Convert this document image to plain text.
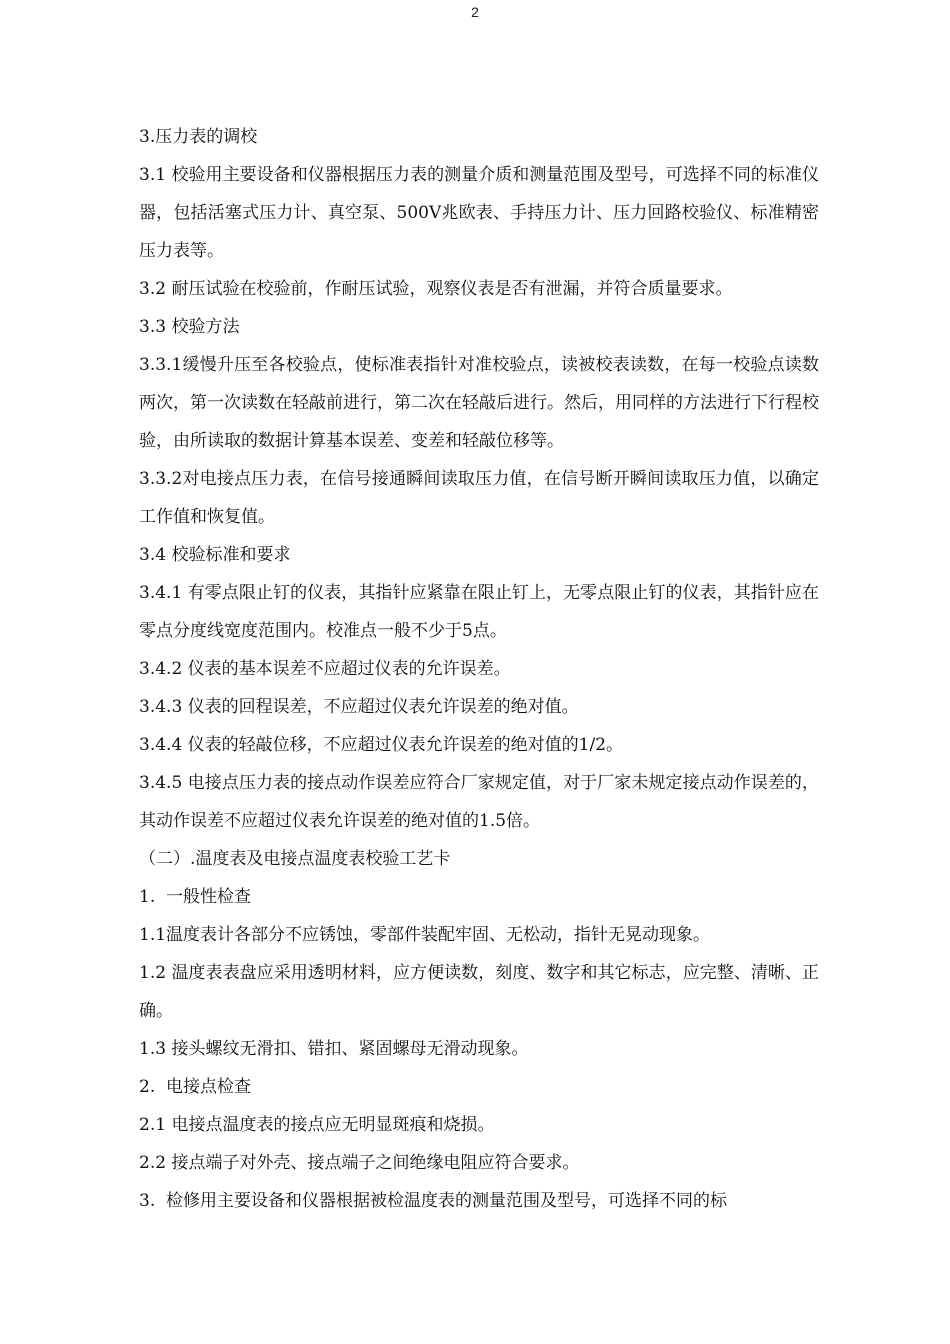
2

3.压力表的调校

3.1 校验用主要设备和仪器根据压力表的测量介质和测量范围及型号，可选择不同的标准仪器，包括活塞式压力计、真空泵、500V兆欧表、手持压力计、压力回路校验仪、标准精密压力表等。

3.2 耐压试验在校验前，作耐压试验，观察仪表是否有泄漏，并符合质量要求。

3.3 校验方法

3.3.1缓慢升压至各校验点，使标准表指针对准校验点，读被校表读数，在每一校验点读数两次，第一次读数在轻敲前进行，第二次在轻敲后进行。然后，用同样的方法进行下行程校验，由所读取的数据计算基本误差、变差和轻敲位移等。

3.3.2对电接点压力表，在信号接通瞬间读取压力值，在信号断开瞬间读取压力值，以确定工作值和恢复值。

3.4 校验标准和要求

3.4.1 有零点限止钉的仪表，其指针应紧靠在限止钉上，无零点限止钉的仪表，其指针应在零点分度线宽度范围内。校准点一般不少于5点。

3.4.2 仪表的基本误差不应超过仪表的允许误差。

3.4.3 仪表的回程误差，不应超过仪表允许误差的绝对值。

3.4.4 仪表的轻敲位移，不应超过仪表允许误差的绝对值的1/2。

3.4.5 电接点压力表的接点动作误差应符合厂家规定值，对于厂家未规定接点动作误差的，其动作误差不应超过仪表允许误差的绝对值的1.5倍。

（二）.温度表及电接点温度表校验工艺卡

1.  一般性检查

1.1温度表计各部分不应锈蚀，零部件装配牢固、无松动，指针无晃动现象。

1.2 温度表表盘应采用透明材料，应方便读数，刻度、数字和其它标志，应完整、清晰、正确。

1.3 接头螺纹无滑扣、错扣、紧固螺母无滑动现象。

2.  电接点检查

2.1 电接点温度表的接点应无明显斑痕和烧损。

2.2 接点端子对外壳、接点端子之间绝缘电阻应符合要求。

3.  检修用主要设备和仪器根据被检温度表的测量范围及型号，可选择不同的标
